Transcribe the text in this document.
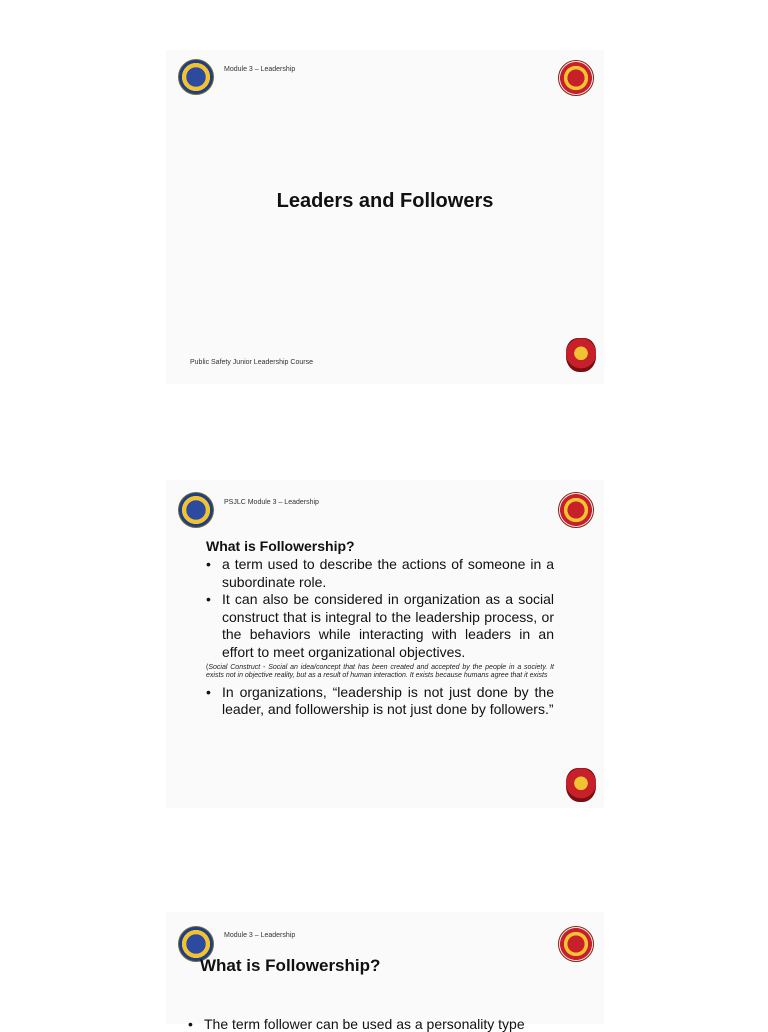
Module 3 – Leadership
Leaders and Followers
Public Safety Junior Leadership Course
PSJLC Module 3 – Leadership
What is Followership?
• a term used to describe the actions of someone in a subordinate role.
• It can also be considered in organization as a social construct that is integral to the leadership process, or the behaviors while interacting with leaders in an effort to meet organizational objectives.
(Social Construct - Social an idea/concept that has been created and accepted by the people in a society. It exists not in objective reality, but as a result of human interaction. It exists because humans agree that it exists
• In organizations, “leadership is not just done by the leader, and followership is not just done by followers.”
Module 3 – Leadership
What is Followership?
• The term follower can be used as a personality type
